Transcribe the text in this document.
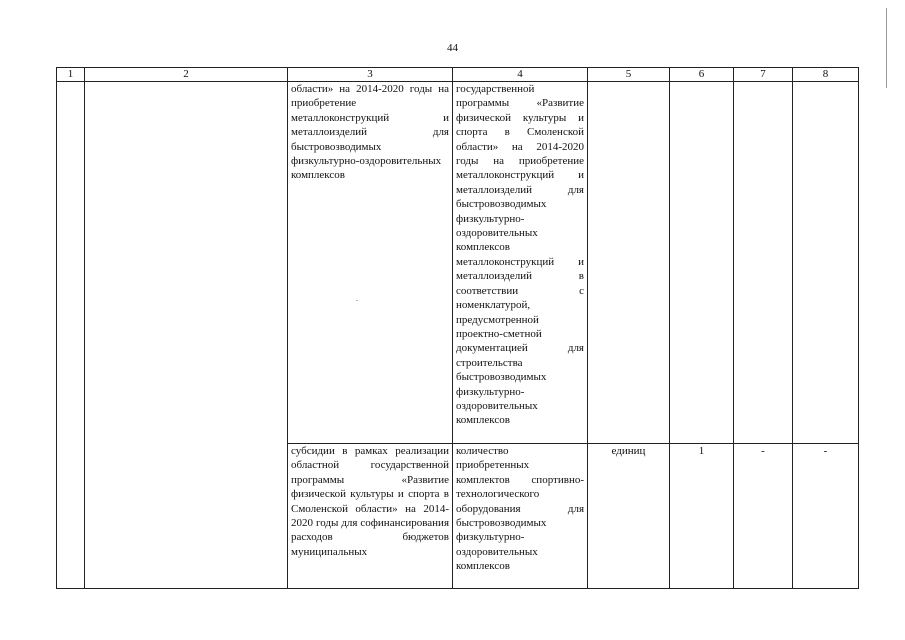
44
1	2	3	4	5	6	7	8
		области» на 2014-2020 годы на приобретение металлоконструкций и металлоизделий для быстровозводимых физкультурно-оздоровительных комплексов	государственной программы «Развитие физической культуры и спорта в Смоленской области» на 2014-2020 годы на приобретение металлоконструкций и металлоизделий для быстровозводимых физкультурно-оздоровительных комплексов металлоконструкций и металлоизделий в соответствии с номенклатурой, предусмотренной проектно-сметной документацией для строительства быстровозводимых физкультурно-оздоровительных комплексов				
		субсидии в рамках реализации областной государственной программы «Развитие физической культуры и спорта в Смоленской области» на 2014-2020 годы для софинансирования расходов бюджетов муниципальных	количество приобретенных комплектов спортивно-технологического оборудования для быстровозводимых физкультурно-оздоровительных комплексов	единиц	1	-	-
